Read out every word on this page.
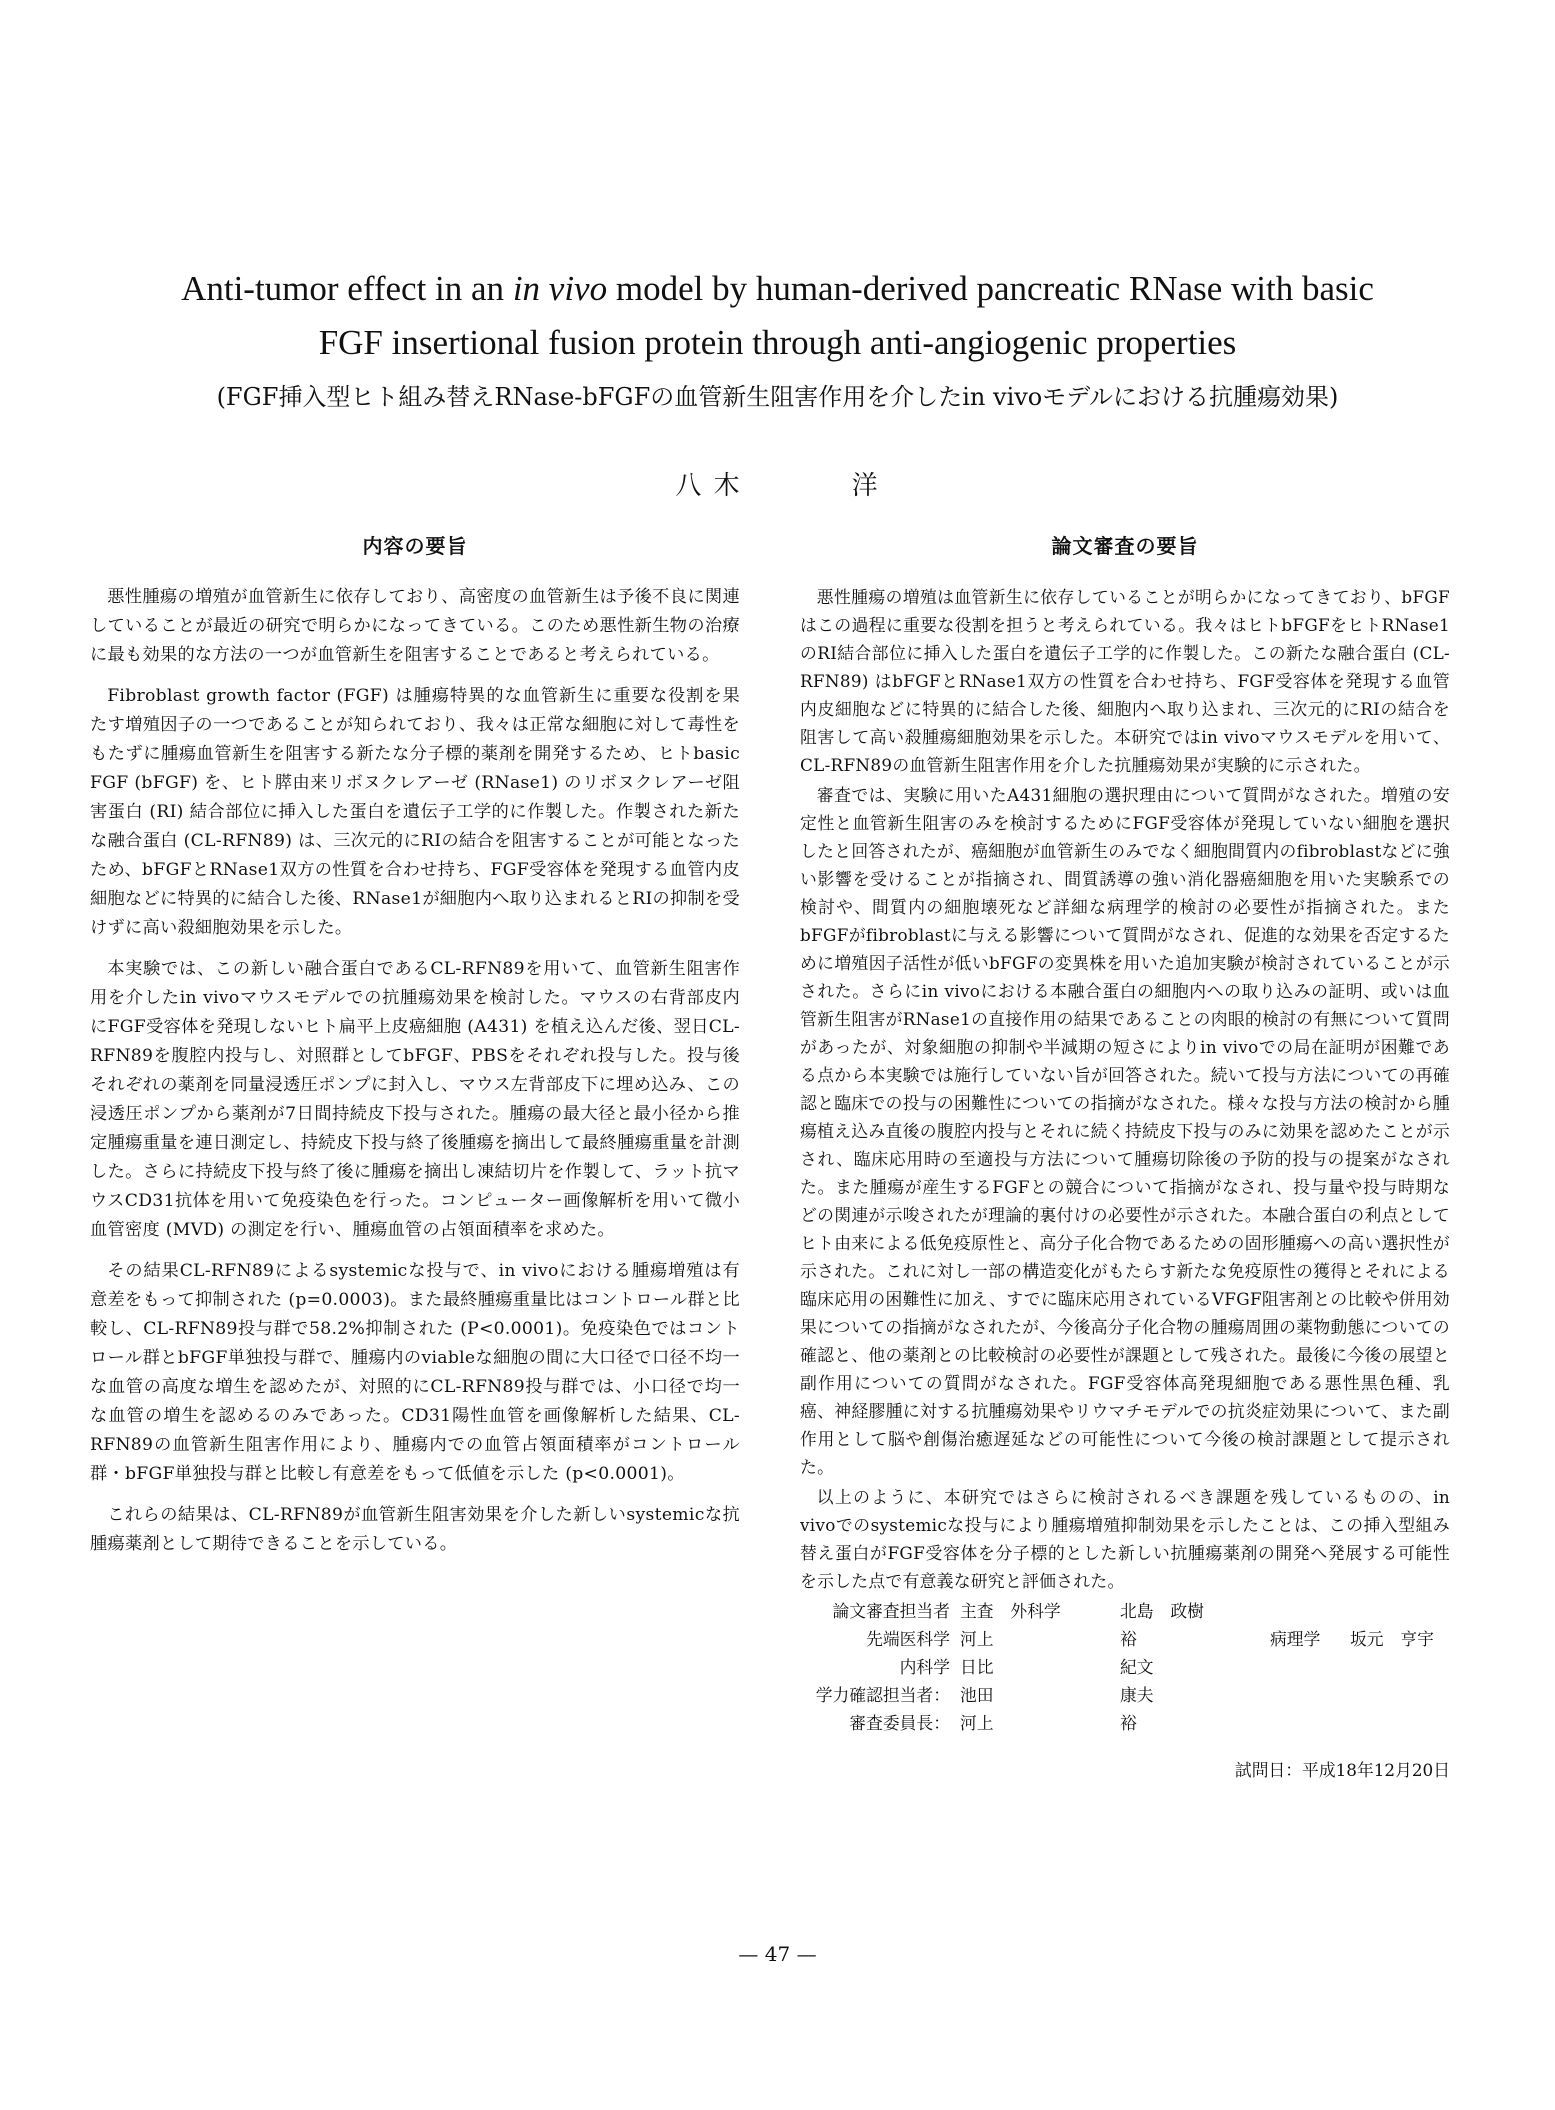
Anti-tumor effect in an in vivo model by human-derived pancreatic RNase with basic
FGF insertional fusion protein through anti-angiogenic properties
(FGF挿入型ヒト組み替えRNase-bFGFの血管新生阻害作用を介したin vivoモデルにおける抗腫瘍効果)
八 木	洋
内容の要旨

悪性腫瘍の増殖が血管新生に依存しており、高密度の血管新生は予後不良に関連していることが最近の研究で明らかになってきている。このため悪性新生物の治療に最も効果的な方法の一つが血管新生を阻害することであると考えられている。

Fibroblast growth factor (FGF) は腫瘍特異的な血管新生に重要な役割を果たす増殖因子の一つであることが知られており、我々は正常な細胞に対して毒性をもたずに腫瘍血管新生を阻害する新たな分子標的薬剤を開発するため、ヒトbasic FGF (bFGF) を、ヒト膵由来リボヌクレアーゼ (RNase1) のリボヌクレアーゼ阻害蛋白 (RI) 結合部位に挿入した蛋白を遺伝子工学的に作製した。作製された新たな融合蛋白 (CL-RFN89) は、三次元的にRIの結合を阻害することが可能となったため、bFGFとRNase1双方の性質を合わせ持ち、FGF受容体を発現する血管内皮細胞などに特異的に結合した後、RNase1が細胞内へ取り込まれるとRIの抑制を受けずに高い殺細胞効果を示した。

本実験では、この新しい融合蛋白であるCL-RFN89を用いて、血管新生阻害作用を介したin vivoマウスモデルでの抗腫瘍効果を検討した。マウスの右背部皮内にFGF受容体を発現しないヒト扁平上皮癌細胞 (A431) を植え込んだ後、翌日CL-RFN89を腹腔内投与し、対照群としてbFGF、PBSをそれぞれ投与した。投与後それぞれの薬剤を同量浸透圧ポンプに封入し、マウス左背部皮下に埋め込み、この浸透圧ポンプから薬剤が7日間持続皮下投与された。腫瘍の最大径と最小径から推定腫瘍重量を連日測定し、持続皮下投与終了後腫瘍を摘出して最終腫瘍重量を計測した。さらに持続皮下投与終了後に腫瘍を摘出し凍結切片を作製して、ラット抗マウスCD31抗体を用いて免疫染色を行った。コンピューター画像解析を用いて微小血管密度 (MVD) の測定を行い、腫瘍血管の占領面積率を求めた。

その結果CL-RFN89によるsystemicな投与で、in vivoにおける腫瘍増殖は有意差をもって抑制された (p=0.0003)。また最終腫瘍重量比はコントロール群と比較し、CL-RFN89投与群で58.2%抑制された (P<0.0001)。免疫染色ではコントロール群とbFGF単独投与群で、腫瘍内のviableな細胞の間に大口径で口径不均一な血管の高度な増生を認めたが、対照的にCL-RFN89投与群では、小口径で均一な血管の増生を認めるのみであった。CD31陽性血管を画像解析した結果、CL-RFN89の血管新生阻害作用により、腫瘍内での血管占領面積率がコントロール群・bFGF単独投与群と比較し有意差をもって低値を示した (p<0.0001)。

これらの結果は、CL-RFN89が血管新生阻害効果を介した新しいsystemicな抗腫瘍薬剤として期待できることを示している。

論文審査の要旨

悪性腫瘍の増殖は血管新生に依存していることが明らかになってきており、bFGFはこの過程に重要な役割を担うと考えられている。我々はヒトbFGFをヒトRNase1のRI結合部位に挿入した蛋白を遺伝子工学的に作製した。この新たな融合蛋白 (CL-RFN89) はbFGFとRNase1双方の性質を合わせ持ち、FGF受容体を発現する血管内皮細胞などに特異的に結合した後、細胞内へ取り込まれ、三次元的にRIの結合を阻害して高い殺腫瘍細胞効果を示した。本研究ではin vivoマウスモデルを用いて、CL-RFN89の血管新生阻害作用を介した抗腫瘍効果が実験的に示された。

審査では、実験に用いたA431細胞の選択理由について質問がなされた。増殖の安定性と血管新生阻害のみを検討するためにFGF受容体が発現していない細胞を選択したと回答されたが、癌細胞が血管新生のみでなく細胞間質内のfibroblastなどに強い影響を受けることが指摘され、間質誘導の強い消化器癌細胞を用いた実験系での検討や、間質内の細胞壊死など詳細な病理学的検討の必要性が指摘された。またbFGFがfibroblastに与える影響について質問がなされ、促進的な効果を否定するために増殖因子活性が低いbFGFの変異株を用いた追加実験が検討されていることが示された。さらにin vivoにおける本融合蛋白の細胞内への取り込みの証明、或いは血管新生阻害がRNase1の直接作用の結果であることの肉眼的検討の有無について質問があったが、対象細胞の抑制や半減期の短さによりin vivoでの局在証明が困難である点から本実験では施行していない旨が回答された。続いて投与方法についての再確認と臨床での投与の困難性についての指摘がなされた。様々な投与方法の検討から腫瘍植え込み直後の腹腔内投与とそれに続く持続皮下投与のみに効果を認めたことが示され、臨床応用時の至適投与方法について腫瘍切除後の予防的投与の提案がなされた。また腫瘍が産生するFGFとの競合について指摘がなされ、投与量や投与時期などの関連が示唆されたが理論的裏付けの必要性が示された。本融合蛋白の利点としてヒト由来による低免疫原性と、高分子化合物であるための固形腫瘍への高い選択性が示された。これに対し一部の構造変化がもたらす新たな免疫原性の獲得とそれによる臨床応用の困難性に加え、すでに臨床応用されているVFGF阻害剤との比較や併用効果についての指摘がなされたが、今後高分子化合物の腫瘍周囲の薬物動態についての確認と、他の薬剤との比較検討の必要性が課題として残された。最後に今後の展望と副作用についての質問がなされた。FGF受容体高発現細胞である悪性黒色種、乳癌、神経膠腫に対する抗腫瘍効果やリウマチモデルでの抗炎症効果について、また副作用として脳や創傷治癒遅延などの可能性について今後の検討課題として提示された。

以上のように、本研究ではさらに検討されるべき課題を残しているものの、in vivoでのsystemicな投与により腫瘍増殖抑制効果を示したことは、この挿入型組み替え蛋白がFGF受容体を分子標的とした新しい抗腫瘍薬剤の開発へ発展する可能性を示した点で有意義な研究と評価された。

論文審査担当者 主査　外科学	北島　政樹
先端医科学 河上	裕	病理学	坂元　亨宇
内科学 日比	紀文
学力確認担当者： 池田	康夫
審査委員長： 河上	裕
試問日：平成18年12月20日
— 47 —
